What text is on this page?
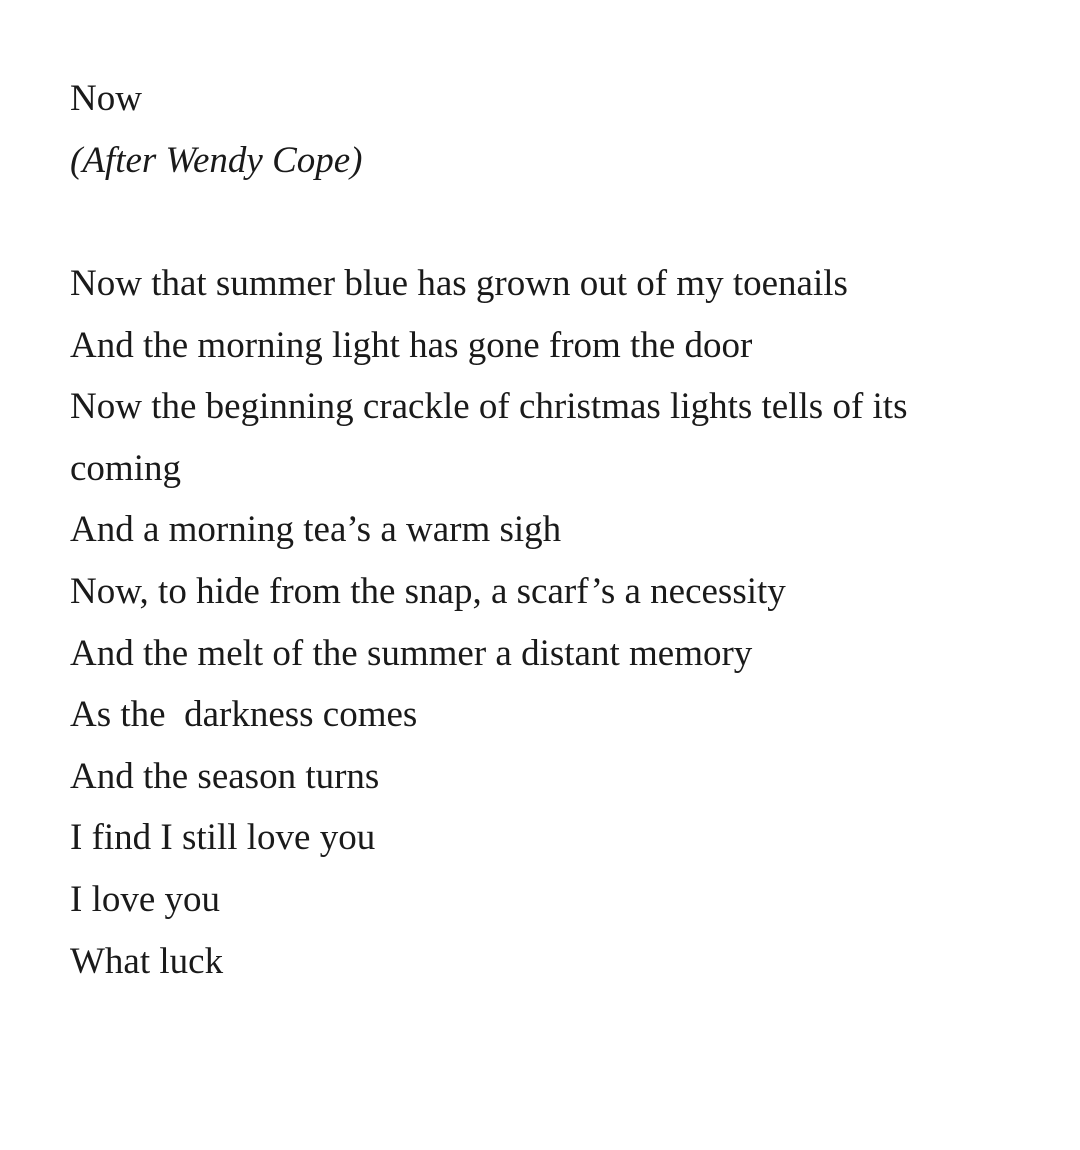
Now
(After Wendy Cope)
Now that summer blue has grown out of my toenails
And the morning light has gone from the door
Now the beginning crackle of christmas lights tells of its
coming
And a morning tea’s a warm sigh
Now, to hide from the snap, a scarf’s a necessity
And the melt of the summer a distant memory
As the  darkness comes
And the season turns
I find I still love you
I love you
What luck
